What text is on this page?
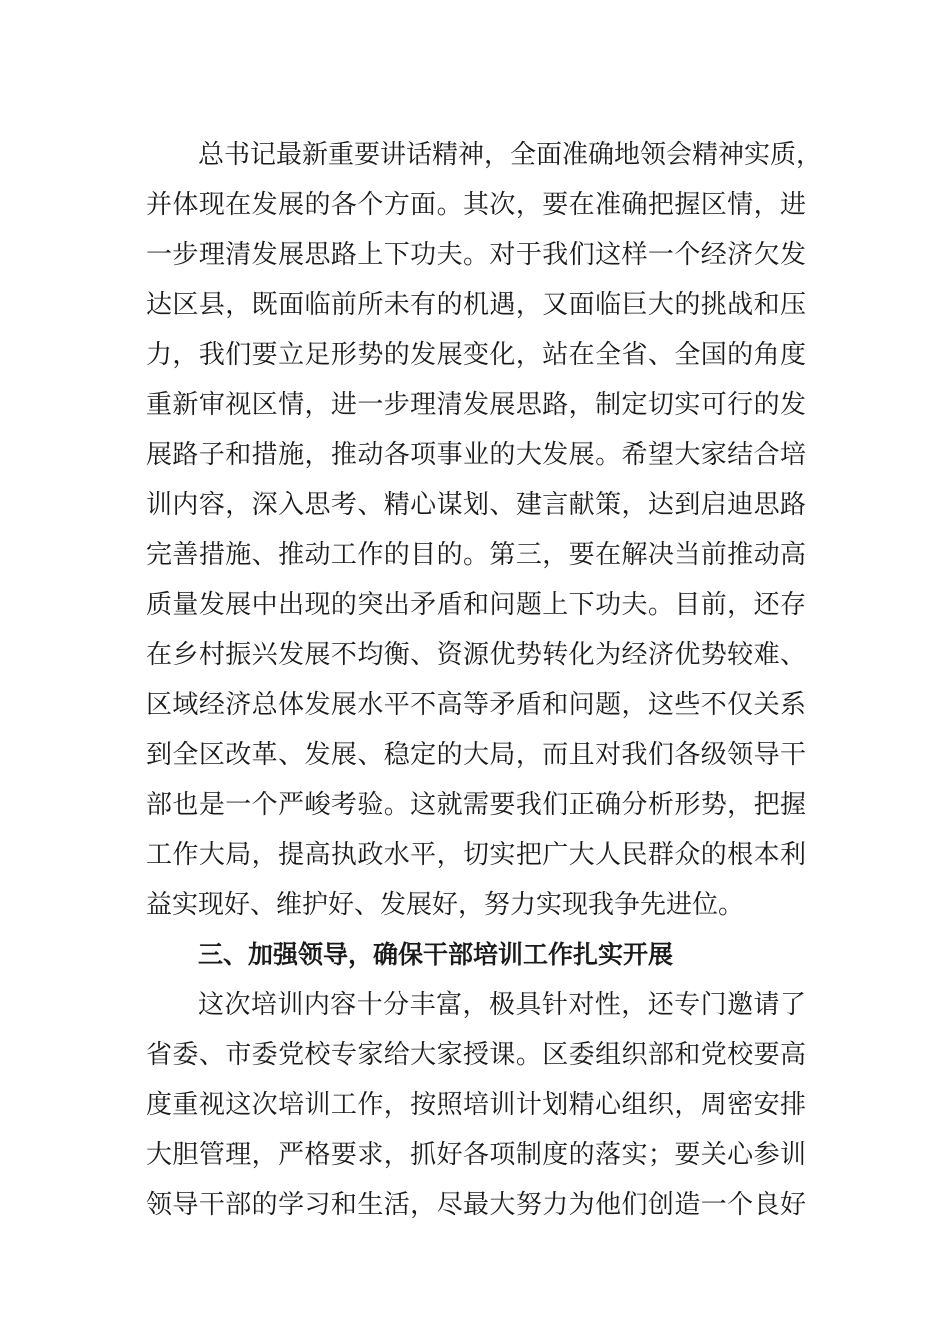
总书记最新重要讲话精神，全面准确地领会精神实质，
并体现在发展的各个方面。其次，要在准确把握区情，进
一步理清发展思路上下功夫。对于我们这样一个经济欠发
达区县，既面临前所未有的机遇，又面临巨大的挑战和压
力，我们要立足形势的发展变化，站在全省、全国的角度
重新审视区情，进一步理清发展思路，制定切实可行的发
展路子和措施，推动各项事业的大发展。希望大家结合培
训内容，深入思考、精心谋划、建言献策，达到启迪思路
完善措施、推动工作的目的。第三，要在解决当前推动高
质量发展中出现的突出矛盾和问题上下功夫。目前，还存
在乡村振兴发展不均衡、资源优势转化为经济优势较难、
区域经济总体发展水平不高等矛盾和问题，这些不仅关系
到全区改革、发展、稳定的大局，而且对我们各级领导干
部也是一个严峻考验。这就需要我们正确分析形势，把握
工作大局，提高执政水平，切实把广大人民群众的根本利
益实现好、维护好、发展好，努力实现我争先进位。
三、加强领导，确保干部培训工作扎实开展
这次培训内容十分丰富，极具针对性，还专门邀请了
省委、市委党校专家给大家授课。区委组织部和党校要高
度重视这次培训工作，按照培训计划精心组织，周密安排
大胆管理，严格要求，抓好各项制度的落实；要关心参训
领导干部的学习和生活，尽最大努力为他们创造一个良好
